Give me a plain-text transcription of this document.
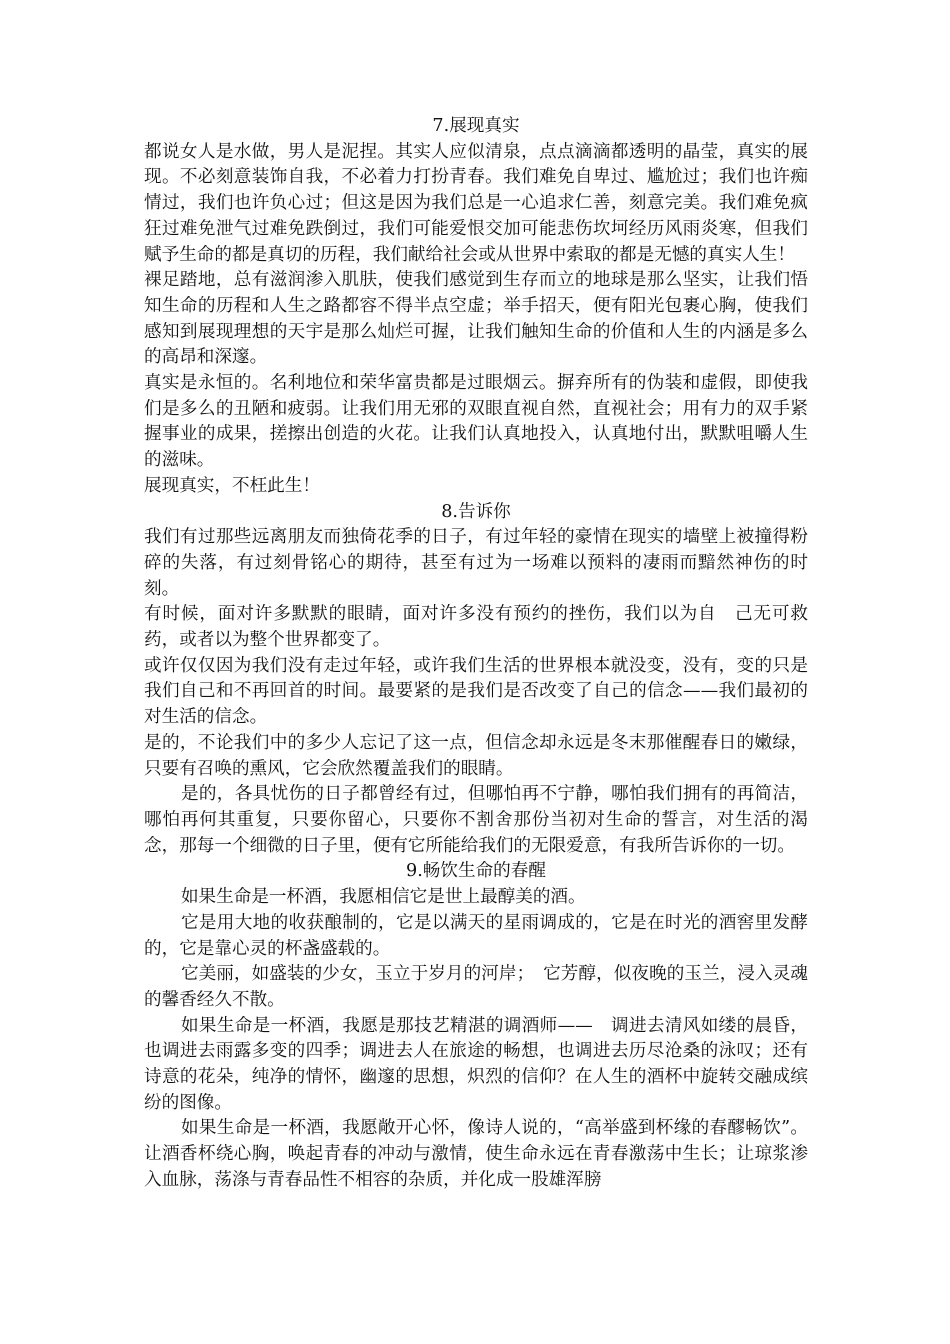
7.展现真实

都说女人是水做，男人是泥捏。其实人应似清泉，点点滴滴都透明的晶莹，真实的展现。不必刻意装饰自我，不必着力打扮青春。我们难免自卑过、尴尬过；我们也许痴情过，我们也许负心过；但这是因为我们总是一心追求仁善，刻意完美。我们难免疯狂过难免泄气过难免跌倒过，我们可能爱恨交加可能悲伤坎坷经历风雨炎寒，但我们赋予生命的都是真切的历程，我们献给社会或从世界中索取的都是无憾的真实人生！

裸足踏地，总有滋润渗入肌肤，使我们感觉到生存而立的地球是那么坚实，让我们悟知生命的历程和人生之路都容不得半点空虚；举手招天，便有阳光包裹心胸，使我们感知到展现理想的天宇是那么灿烂可握，让我们触知生命的价值和人生的内涵是多么的高昂和深邃。

真实是永恒的。名利地位和荣华富贵都是过眼烟云。摒弃所有的伪装和虚假，即使我们是多么的丑陋和疲弱。让我们用无邪的双眼直视自然，直视社会；用有力的双手紧握事业的成果，搓擦出创造的火花。让我们认真地投入，认真地付出，默默咀嚼人生的滋味。

展现真实，不枉此生！

8.告诉你

我们有过那些远离朋友而独倚花季的日子，有过年轻的豪情在现实的墙壁上被撞得粉碎的失落，有过刻骨铭心的期待，甚至有过为一场难以预料的凄雨而黯然神伤的时刻。

有时候，面对许多默默的眼睛，面对许多没有预约的挫伤，我们以为自　己无可救药，或者以为整个世界都变了。

或许仅仅因为我们没有走过年轻，或许我们生活的世界根本就没变，没有，变的只是我们自己和不再回首的时间。最要紧的是我们是否改变了自己的信念——我们最初的对生活的信念。

是的，不论我们中的多少人忘记了这一点，但信念却永远是冬末那催醒春日的嫩绿，只要有召唤的熏风，它会欣然覆盖我们的眼睛。

是的，各具忧伤的日子都曾经有过，但哪怕再不宁静，哪怕我们拥有的再简洁，哪怕再何其重复，只要你留心，只要你不割舍那份当初对生命的誓言，对生活的渴念，那每一个细微的日子里，便有它所能给我们的无限爱意，有我所告诉你的一切。

9.畅饮生命的春醒

如果生命是一杯酒，我愿相信它是世上最醇美的酒。

它是用大地的收获酿制的，它是以满天的星雨调成的，它是在时光的酒窖里发酵的，它是靠心灵的杯盏盛载的。

它美丽，如盛装的少女，玉立于岁月的河岸；　它芳醇，似夜晚的玉兰，浸入灵魂的馨香经久不散。

如果生命是一杯酒，我愿是那技艺精湛的调酒师——　调进去清风如缕的晨昏，也调进去雨露多变的四季；调进去人在旅途的畅想，也调进去历尽沧桑的泳叹；还有诗意的花朵，纯净的情怀，幽邃的思想，炽烈的信仰？在人生的酒杯中旋转交融成缤纷的图像。

如果生命是一杯酒，我愿敞开心怀，像诗人说的，“高举盛到杯缘的春醪畅饮”。让酒香杯绕心胸，唤起青春的冲动与激情，使生命永远在青春激荡中生长；让琼浆渗入血脉，荡涤与青春品性不相容的杂质，并化成一股雄浑膀
